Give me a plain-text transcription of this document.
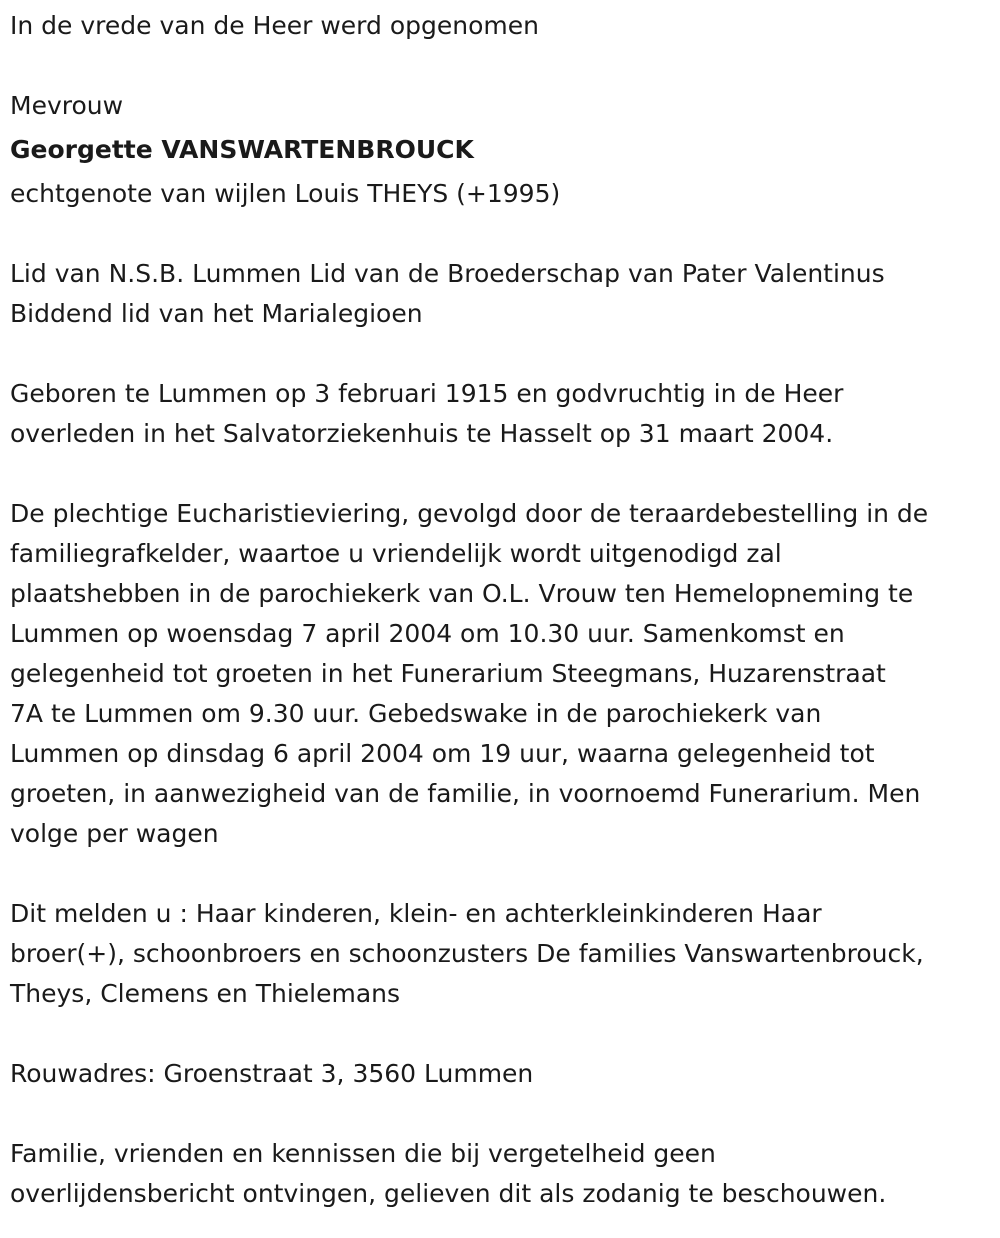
In de vrede van de Heer werd opgenomen
Mevrouw
Georgette VANSWARTENBROUCK
echtgenote van wijlen Louis THEYS (+1995)
Lid van N.S.B. Lummen Lid van de Broederschap van Pater Valentinus
Biddend lid van het Marialegioen
Geboren te Lummen op 3 februari 1915 en godvruchtig in de Heer
overleden in het Salvatorziekenhuis te Hasselt op 31 maart 2004.
De plechtige Eucharistieviering, gevolgd door de teraardebestelling in de
familiegrafkelder, waartoe u vriendelijk wordt uitgenodigd zal
plaatshebben in de parochiekerk van O.L. Vrouw ten Hemelopneming te
Lummen op woensdag 7 april 2004 om 10.30 uur. Samenkomst en
gelegenheid tot groeten in het Funerarium Steegmans, Huzarenstraat
7A te Lummen om 9.30 uur. Gebedswake in de parochiekerk van
Lummen op dinsdag 6 april 2004 om 19 uur, waarna gelegenheid tot
groeten, in aanwezigheid van de familie, in voornoemd Funerarium. Men
volge per wagen
Dit melden u : Haar kinderen, klein- en achterkleinkinderen Haar
broer(+), schoonbroers en schoonzusters De families Vanswartenbrouck,
Theys, Clemens en Thielemans
Rouwadres: Groenstraat 3, 3560 Lummen
Familie, vrienden en kennissen die bij vergetelheid geen
overlijdensbericht ontvingen, gelieven dit als zodanig te beschouwen.
